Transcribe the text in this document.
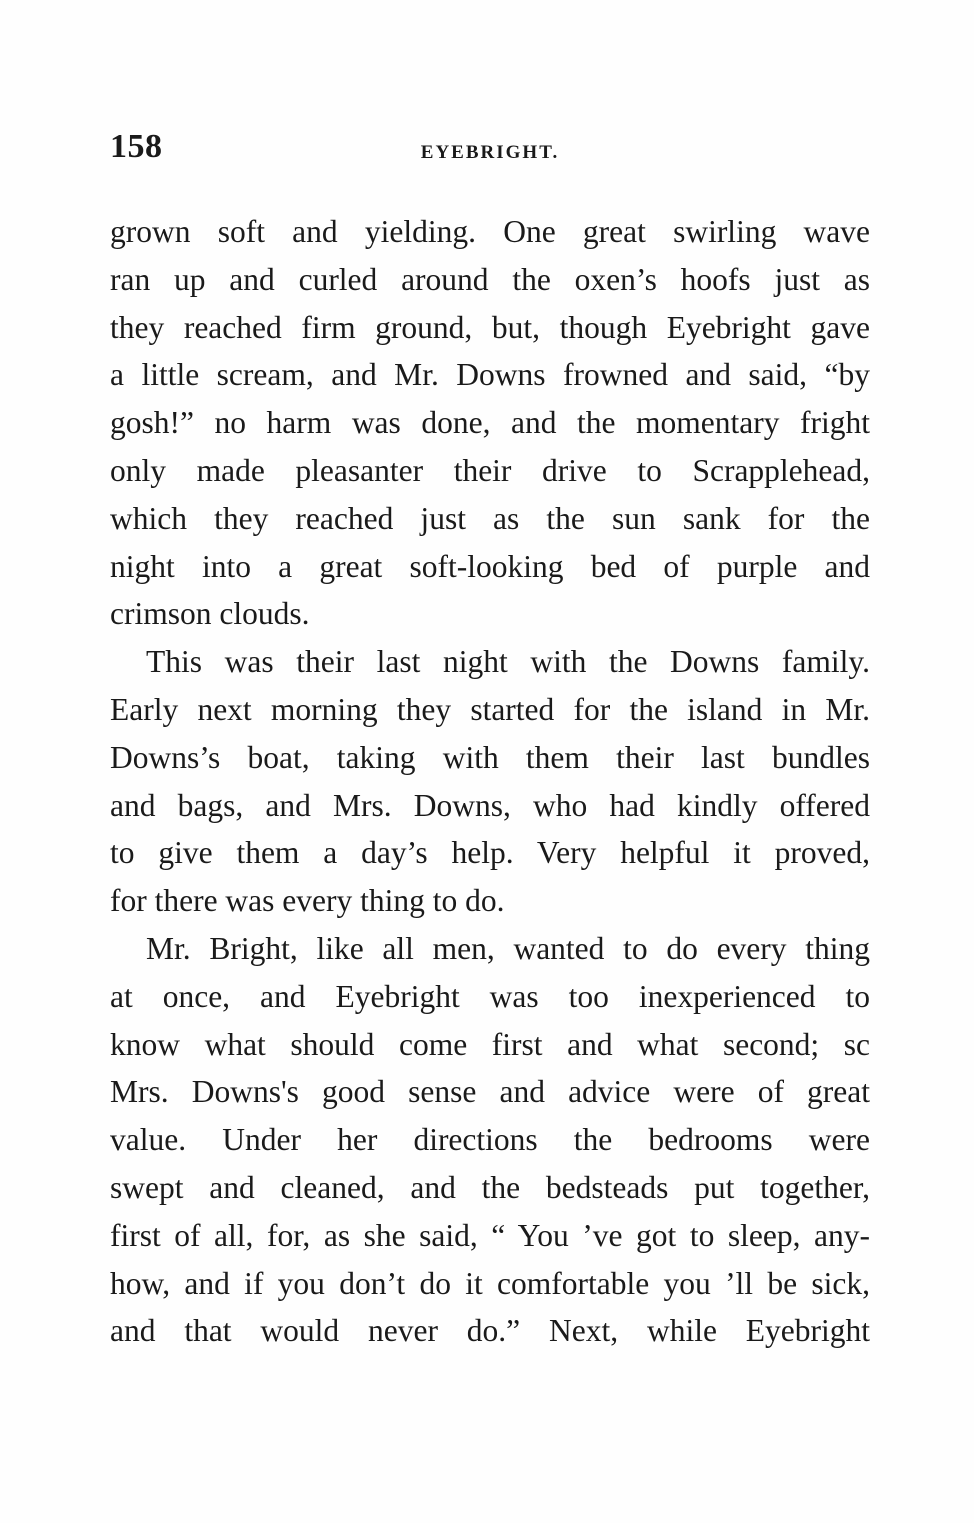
158	EYEBRIGHT.
grown soft and yielding. One great swirling wave
ran up and curled around the oxen’s hoofs just as
they reached firm ground, but, though Eyebright gave
a little scream, and Mr. Downs frowned and said, “by
gosh!” no harm was done, and the momentary fright
only made pleasanter their drive to Scrapplehead,
which they reached just as the sun sank for the
night into a great soft-looking bed of purple and
crimson clouds.
This was their last night with the Downs family.
Early next morning they started for the island in Mr.
Downs’s boat, taking with them their last bundles
and bags, and Mrs. Downs, who had kindly offered
to give them a day’s help. Very helpful it proved,
for there was every thing to do.
Mr. Bright, like all men, wanted to do every thing
at once, and Eyebright was too inexperienced to
know what should come first and what second; sc
Mrs. Downs's good sense and advice were of great
value. Under her directions the bedrooms were
swept and cleaned, and the bedsteads put together,
first of all, for, as she said, “ You ’ve got to sleep, any-
how, and if you don’t do it comfortable you ’ll be sick,
and that would never do.” Next, while Eyebright
